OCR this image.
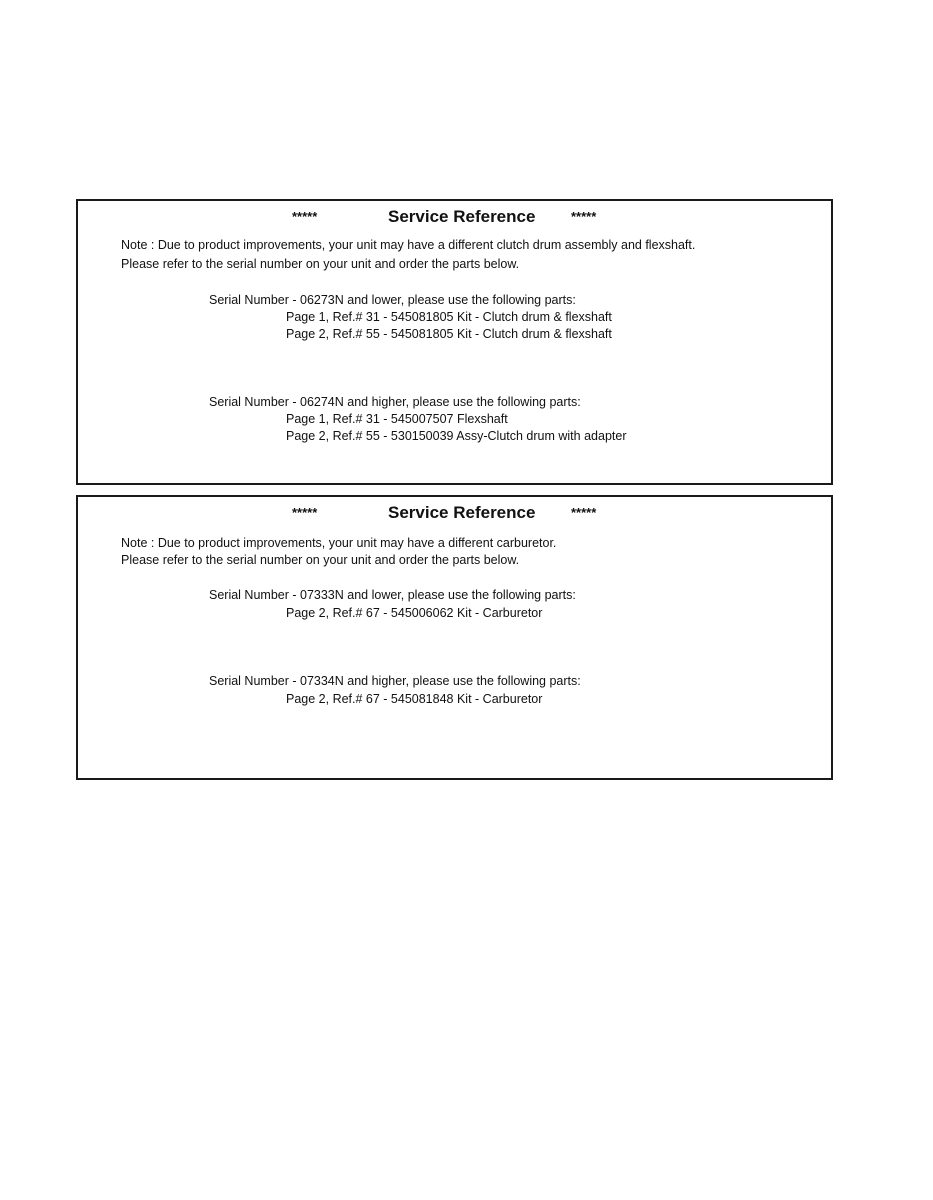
*****	Service Reference	*****
Note : Due to product improvements, your unit may have a different clutch drum assembly and flexshaft.
Please refer to the serial number on your unit and order the parts below.
Serial Number - 06273N and lower, please use the following parts:
Page 1, Ref.# 31 - 545081805 Kit - Clutch drum & flexshaft
Page 2, Ref.# 55 - 545081805 Kit - Clutch drum & flexshaft
Serial Number - 06274N and higher, please use the following parts:
Page 1, Ref.# 31 - 545007507 Flexshaft
Page 2, Ref.# 55 - 530150039 Assy-Clutch drum with adapter
*****	Service Reference	*****
Note : Due to product improvements, your unit may have a different carburetor.
Please refer to the serial number on your unit and order the parts below.
Serial Number - 07333N and lower, please use the following parts:
Page 2, Ref.# 67 - 545006062 Kit - Carburetor
Serial Number - 07334N and higher, please use the following parts:
Page 2, Ref.# 67 - 545081848 Kit - Carburetor
